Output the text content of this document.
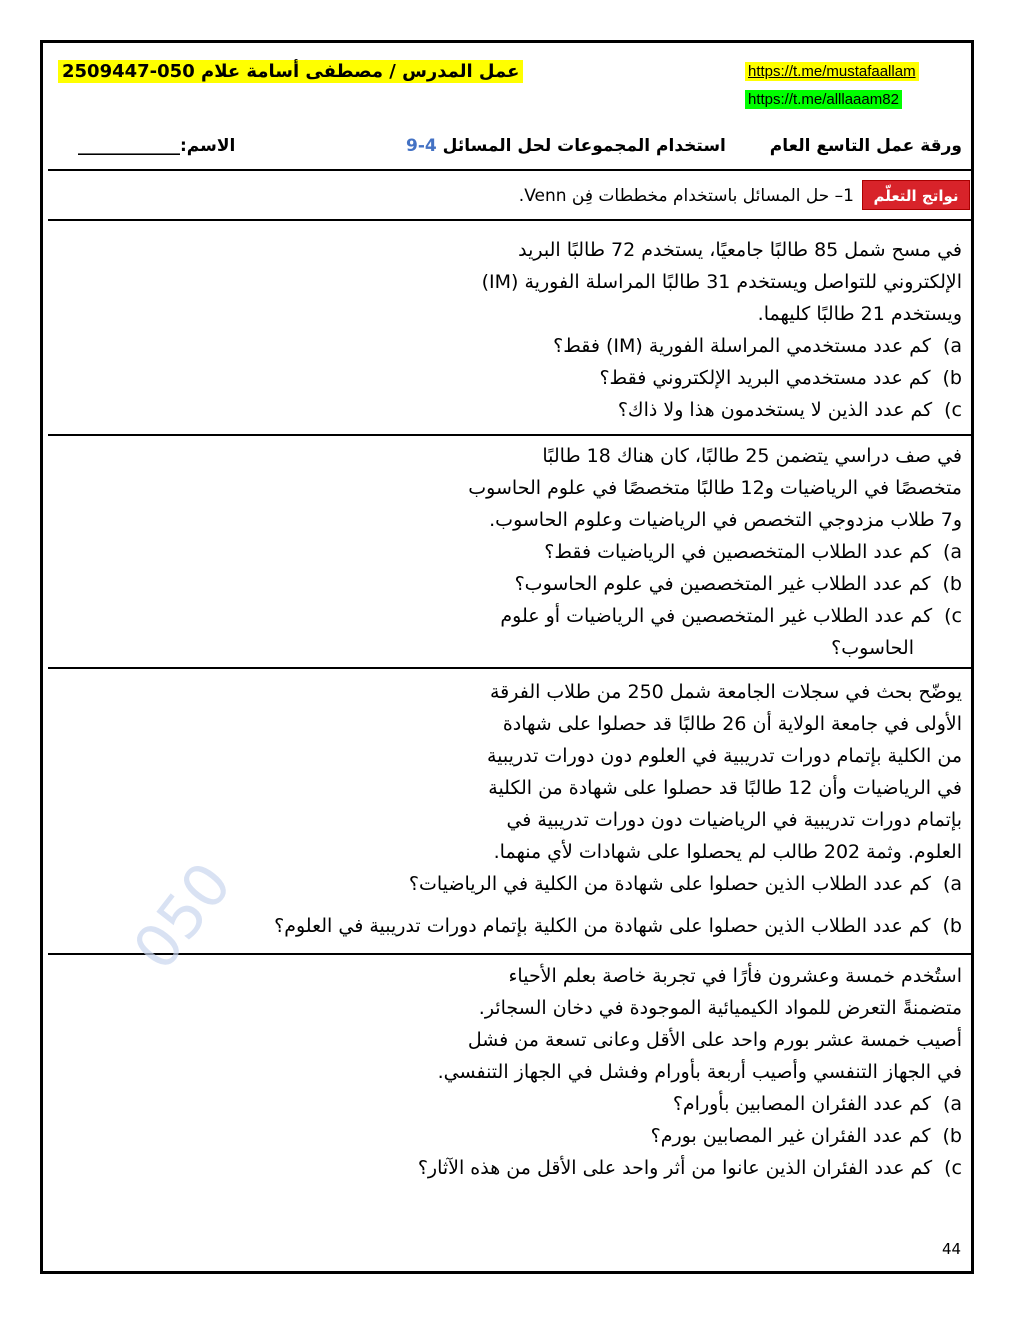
عمل المدرس / مصطفى أسامة علام 050-2509447	https://t.me/mustafaallam
https://t.me/alllaaam82
ورقة عمل التاسع العام
استخدام المجموعات لحل المسائل 9-4
الاسم:____________
نواتج التعلّم
1– حل المسائل باستخدام مخططات فِن Venn.
في مسح شمل 85 طالبًا جامعيًا، يستخدم 72 طالبًا البريد
الإلكتروني للتواصل ويستخدم 31 طالبًا المراسلة الفورية (IM)
ويستخدم 21 طالبًا كليهما.
(aكم عدد مستخدمي المراسلة الفورية (IM) فقط؟
(bكم عدد مستخدمي البريد الإلكتروني فقط؟
(cكم عدد الذين لا يستخدمون هذا ولا ذاك؟
في صف دراسي يتضمن 25 طالبًا، كان هناك 18 طالبًا
متخصصًا في الرياضيات و12 طالبًا متخصصًا في علوم الحاسوب
و7 طلاب مزدوجي التخصص في الرياضيات وعلوم الحاسوب.
(aكم عدد الطلاب المتخصصين في الرياضيات فقط؟
(bكم عدد الطلاب غير المتخصصين في علوم الحاسوب؟
(cكم عدد الطلاب غير المتخصصين في الرياضيات أو علوم
الحاسوب؟
يوضّح بحث في سجلات الجامعة شمل 250 من طلاب الفرقة
الأولى في جامعة الولاية أن 26 طالبًا قد حصلوا على شهادة
من الكلية بإتمام دورات تدريبية في العلوم دون دورات تدريبية
في الرياضيات وأن 12 طالبًا قد حصلوا على شهادة من الكلية
بإتمام دورات تدريبية في الرياضيات دون دورات تدريبية في
العلوم. وثمة 202 طالب لم يحصلوا على شهادات لأي منهما.
(aكم عدد الطلاب الذين حصلوا على شهادة من الكلية في الرياضيات؟
(bكم عدد الطلاب الذين حصلوا على شهادة من الكلية بإتمام دورات تدريبية في العلوم؟
استُخدم خمسة وعشرون فأرًا في تجربة خاصة بعلم الأحياء
متضمنةً التعرض للمواد الكيميائية الموجودة في دخان السجائر.
أصيب خمسة عشر بورم واحد على الأقل وعانى تسعة من فشل
في الجهاز التنفسي وأصيب أربعة بأورام وفشل في الجهاز التنفسي.
(aكم عدد الفئران المصابين بأورام؟
(bكم عدد الفئران غير المصابين بورم؟
(cكم عدد الفئران الذين عانوا من أثر واحد على الأقل من هذه الآثار؟
050
44
